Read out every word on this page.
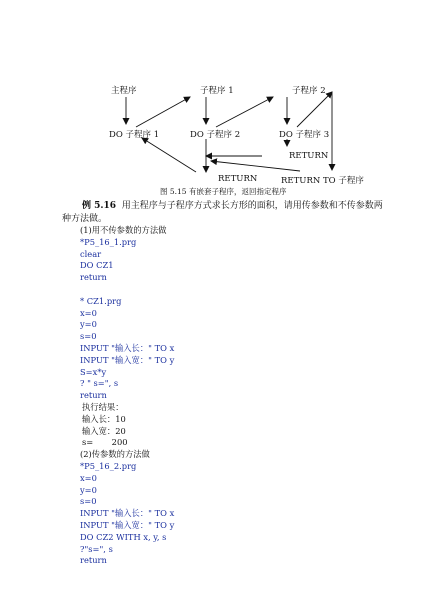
主程序	子程序 1	子程序 2
DO 子程序 1	DO 子程序 2	DO 子程序 3
RETURN
RETURN	RETURN TO 子程序
图 5.15 有嵌套子程序，返回指定程序
例 5.16 用主程序与子程序方式求长方形的面积，请用传参数和不传参数两
种方法做。
(1)用不传参数的方法做
*P5_16_1.prg
clear
DO CZ1
return
* CZ1.prg
x=0
y=0
s=0
INPUT "输入长：" TO x
INPUT "输入宽：" TO y
S=x*y
? " s=", s
return
执行结果：
输入长：10
输入宽：20
s=       200
(2)传参数的方法做
*P5_16_2.prg
x=0
y=0
s=0
INPUT "输入长：" TO x
INPUT "输入宽：" TO y
DO CZ2 WITH x, y, s
?"s=", s
return
